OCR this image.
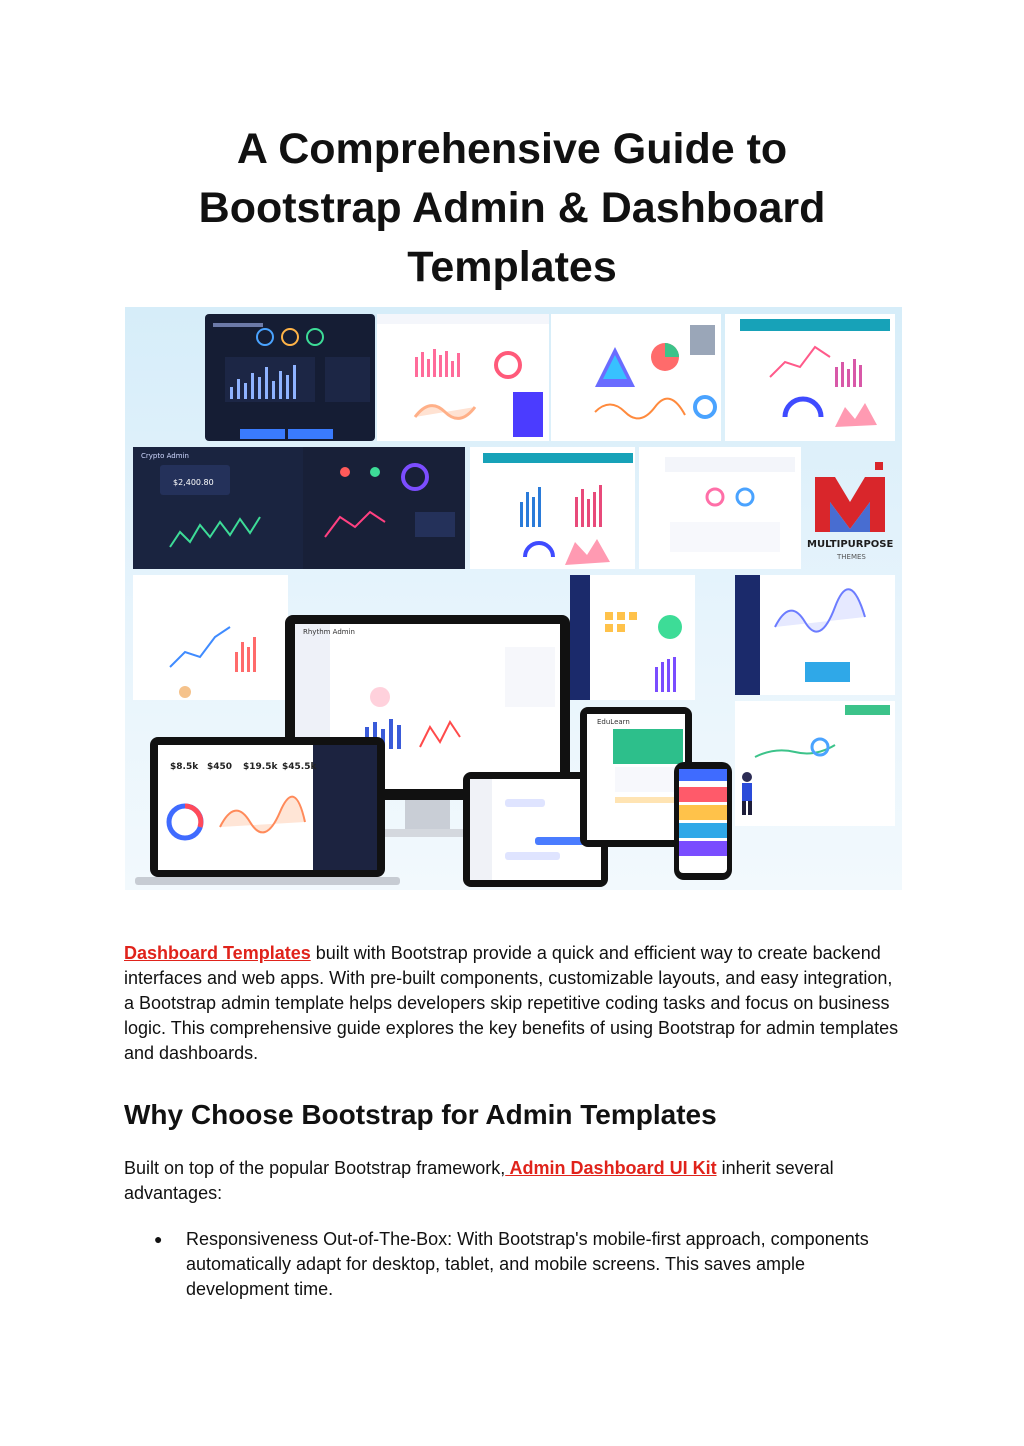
A Comprehensive Guide to
Bootstrap Admin & Dashboard
Templates
Crypto Admin
$2,400.80
MULTIPURPOSE
THEMES
Rhythm Admin
$8.5k $450 $19.5k $45.5k
EduLearn

Dashboard Templates built with Bootstrap provide a quick and efficient way to create backend interfaces and web apps. With pre-built components, customizable layouts, and easy integration, a Bootstrap admin template helps developers skip repetitive coding tasks and focus on business logic. This comprehensive guide explores the key benefits of using Bootstrap for admin templates and dashboards.

Why Choose Bootstrap for Admin Templates

Built on top of the popular Bootstrap framework, Admin Dashboard UI Kit inherit several advantages:

● Responsiveness Out-of-The-Box: With Bootstrap's mobile-first approach, components automatically adapt for desktop, tablet, and mobile screens. This saves ample development time.
